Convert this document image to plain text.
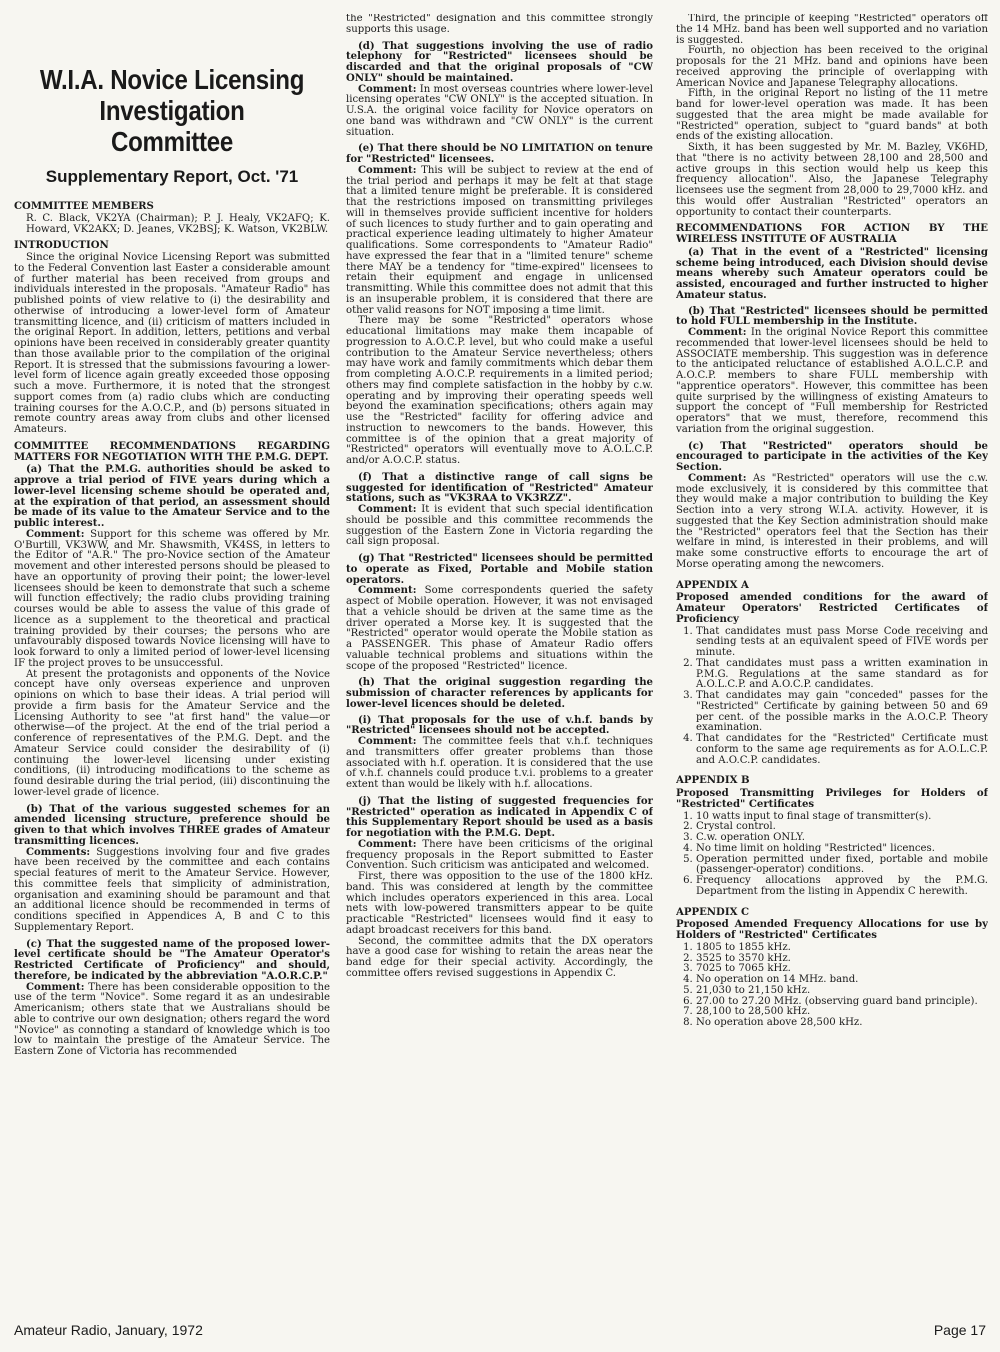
W.I.A. Novice Licensing
Investigation Committee
Supplementary Report, Oct. '71
COMMITTEE MEMBERS

R. C. Black, VK2YA (Chairman); P. J. Healy, VK2AFQ; K. Howard, VK2AKX; D. Jeanes, VK2BSJ; K. Watson, VK2BLW.

INTRODUCTION

Since the original Novice Licensing Report was submitted to the Federal Convention last Easter a considerable amount of further material has been received from groups and individuals interested in the proposals. "Amateur Radio" has published points of view relative to (i) the desirability and otherwise of introducing a lower-level form of Amateur transmitting licence, and (ii) criticism of matters included in the original Report. In addition, letters, petitions and verbal opinions have been received in considerably greater quantity than those available prior to the compilation of the original Report. It is stressed that the submissions favouring a lower-level form of licence again greatly exceeded those opposing such a move. Furthermore, it is noted that the strongest support comes from (a) radio clubs which are conducting training courses for the A.O.C.P., and (b) persons situated in remote country areas away from clubs and other licensed Amateurs.

COMMITTEE RECOMMENDATIONS REGARDING MATTERS FOR NEGOTIATION WITH THE P.M.G. DEPT.

(a) That the P.M.G. authorities should be asked to approve a trial period of FIVE years during which a lower-level licensing scheme should be operated and, at the expiration of that period, an assessment should be made of its value to the Amateur Service and to the public interest..

Comment: Support for this scheme was offered by Mr. O'Burtill, VK3WW, and Mr. Shawsmith, VK4SS, in letters to the Editor of "A.R." The pro-Novice section of the Amateur movement and other interested persons should be pleased to have an opportunity of proving their point; the lower-level licensees should be keen to demonstrate that such a scheme will function effectively; the radio clubs providing training courses would be able to assess the value of this grade of licence as a supplement to the theoretical and practical training provided by their courses; the persons who are unfavourably disposed towards Novice licensing will have to look forward to only a limited period of lower-level licensing IF the project proves to be unsuccessful.

At present the protagonists and opponents of the Novice concept have only overseas experience and unproven opinions on which to base their ideas. A trial period will provide a firm basis for the Amateur Service and the Licensing Authority to see "at first hand" the value—or otherwise—of the project. At the end of the trial period a conference of representatives of the P.M.G. Dept. and the Amateur Service could consider the desirability of (i) continuing the lower-level licensing under existing conditions, (ii) introducing modifications to the scheme as found desirable during the trial period, (iii) discontinuing the lower-level grade of licence.

(b) That of the various suggested schemes for an amended licensing structure, preference should be given to that which involves THREE grades of Amateur transmitting licences.

Comments: Suggestions involving four and five grades have been received by the committee and each contains special features of merit to the Amateur Service. However, this committee feels that simplicity of administration, organisation and examining should be paramount and that an additional licence should be recommended in terms of conditions specified in Appendices A, B and C to this Supplementary Report.

(c) That the suggested name of the proposed lower-level certificate should be "The Amateur Operator's Restricted Certificate of Proficiency" and should, therefore, be indicated by the abbreviation "A.O.R.C.P."

Comment: There has been considerable opposition to the use of the term "Novice". Some regard it as an undesirable Americanism; others state that we Australians should be able to contrive our own designation; others regard the word "Novice" as connoting a standard of knowledge which is too low to maintain the prestige of the Amateur Service. The Eastern Zone of Victoria has recommended

the "Restricted" designation and this committee strongly supports this usage.

(d) That suggestions involving the use of radio telephony for "Restricted" licensees should be discarded and that the original proposals of "CW ONLY" should be maintained.

Comment: In most overseas countries where lower-level licensing operates "CW ONLY" is the accepted situation. In U.S.A. the original voice facility for Novice operators on one band was withdrawn and "CW ONLY" is the current situation.

(e) That there should be NO LIMITATION on tenure for "Restricted" licensees.

Comment: This will be subject to review at the end of the trial period and perhaps it may be felt at that stage that a limited tenure might be preferable. It is considered that the restrictions imposed on transmitting privileges will in themselves provide sufficient incentive for holders of such licences to study further and to gain operating and practical experience leading ultimately to higher Amateur qualifications. Some correspondents to "Amateur Radio" have expressed the fear that in a "limited tenure" scheme there MAY be a tendency for "time-expired" licensees to retain their equipment and engage in unlicensed transmitting. While this committee does not admit that this is an insuperable problem, it is considered that there are other valid reasons for NOT imposing a time limit.

There may be some "Restricted" operators whose educational limitations may make them incapable of progression to A.O.C.P. level, but who could make a useful contribution to the Amateur Service nevertheless; others may have work and family commitments which debar them from completing A.O.C.P. requirements in a limited period; others may find complete satisfaction in the hobby by c.w. operating and by improving their operating speeds well beyond the examination specifications; others again may use the "Restricted" facility for offering advice and instruction to newcomers to the bands. However, this committee is of the opinion that a great majority of "Restricted" operators will eventually move to A.O.L.C.P. and/or A.O.C.P. status.

(f) That a distinctive range of call signs be suggested for identification of "Restricted" Amateur stations, such as "VK3RAA to VK3RZZ".

Comment: It is evident that such special identification should be possible and this committee recommends the suggestion of the Eastern Zone in Victoria regarding the call sign proposal.

(g) That "Restricted" licensees should be permitted to operate as Fixed, Portable and Mobile station operators.

Comment: Some correspondents queried the safety aspect of Mobile operation. However, it was not envisaged that a vehicle should be driven at the same time as the driver operated a Morse key. It is suggested that the "Restricted" operator would operate the Mobile station as a PASSENGER. This phase of Amateur Radio offers valuable technical problems and situations within the scope of the proposed "Restricted" licence.

(h) That the original suggestion regarding the submission of character references by applicants for lower-level licences should be deleted.

(i) That proposals for the use of v.h.f. bands by "Restricted" licensees should not be accepted.

Comment: The committee feels that v.h.f. techniques and transmitters offer greater problems than those associated with h.f. operation. It is considered that the use of v.h.f. channels could produce t.v.i. problems to a greater extent than would be likely with h.f. allocations.

(j) That the listing of suggested frequencies for "Restricted" operation as indicated in Appendix C of this Supplementary Report should be used as a basis for negotiation with the P.M.G. Dept.

Comment: There have been criticisms of the original frequency proposals in the Report submitted to Easter Convention. Such criticism was anticipated and welcomed.

First, there was opposition to the use of the 1800 kHz. band. This was considered at length by the committee which includes operators experienced in this area. Local nets with low-powered transmitters appear to be quite practicable "Restricted" licensees would find it easy to adapt broadcast receivers for this band.

Second, the committee admits that the DX operators have a good case for wishing to retain the areas near the band edge for their special activity. Accordingly, the committee offers revised suggestions in Appendix C.

Third, the principle of keeping "Restricted" operators off the 14 MHz. band has been well supported and no variation is suggested.

Fourth, no objection has been received to the original proposals for the 21 MHz. band and opinions have been received approving the principle of overlapping with American Novice and Japanese Telegraphy allocations.

Fifth, in the original Report no listing of the 11 metre band for lower-level operation was made. It has been suggested that the area might be made available for "Restricted" operation, subject to "guard bands" at both ends of the existing allocation.

Sixth, it has been suggested by Mr. M. Bazley, VK6HD, that "there is no activity between 28,100 and 28,500 and active groups in this section would help us keep this frequency allocation". Also, the Japanese Telegraphy licensees use the segment from 28,000 to 29,7000 kHz. and this would offer Australian "Restricted" operators an opportunity to contact their counterparts.

RECOMMENDATIONS FOR ACTION BY THE WIRELESS INSTITUTE OF AUSTRALIA

(a) That in the event of a "Restricted" licensing scheme being introduced, each Division should devise means whereby such Amateur operators could be assisted, encouraged and further instructed to higher Amateur status.

(b) That "Restricted" licensees should be permitted to hold FULL membership in the Institute.

Comment: In the original Novice Report this committee recommended that lower-level licensees should be held to ASSOCIATE membership. This suggestion was in deference to the anticipated reluctance of established A.O.L.C.P. and A.O.C.P. members to share FULL membership with "apprentice operators". However, this committee has been quite surprised by the willingness of existing Amateurs to support the concept of "Full membership for Restricted operators" that we must, therefore, recommend this variation from the original suggestion.

(c) That "Restricted" operators should be encouraged to participate in the activities of the Key Section.

Comment: As "Restricted" operators will use the c.w. mode exclusively, it is considered by this committee that they would make a major contribution to building the Key Section into a very strong W.I.A. activity. However, it is suggested that the Key Section administration should make the "Restricted" operators feel that the Section has their welfare in mind, is interested in their problems, and will make some constructive efforts to encourage the art of Morse operating among the newcomers.

APPENDIX A
Proposed amended conditions for the award of Amateur Operators' Restricted Certificates of Proficiency
1. That candidates must pass Morse Code receiving and sending tests at an equivalent speed of FIVE words per minute.
2. That candidates must pass a written examination in P.M.G. Regulations at the same standard as for A.O.L.C.P. and A.O.C.P. candidates.
3. That candidates may gain "conceded" passes for the "Restricted" Certificate by gaining between 50 and 69 per cent. of the possible marks in the A.O.C.P. Theory examination.
4. That candidates for the "Restricted" Certificate must conform to the same age requirements as for A.O.L.C.P. and A.O.C.P. candidates.
APPENDIX B
Proposed Transmitting Privileges for Holders of "Restricted" Certificates
1. 10 watts input to final stage of transmitter(s).
2. Crystal control.
3. C.w. operation ONLY.
4. No time limit on holding "Restricted" licences.
5. Operation permitted under fixed, portable and mobile (passenger-operator) conditions.
6. Frequency allocations approved by the P.M.G. Department from the listing in Appendix C herewith.
APPENDIX C
Proposed Amended Frequency Allocations for use by Holders of "Restricted" Certificates
1. 1805 to 1855 kHz.
2. 3525 to 3570 kHz.
3. 7025 to 7065 kHz.
4. No operation on 14 MHz. band.
5. 21,030 to 21,150 kHz.
6. 27.00 to 27.20 MHz. (observing guard band principle).
7. 28,100 to 28,500 kHz.
8. No operation above 28,500 kHz.
Amateur Radio, January, 1972	Page 17
